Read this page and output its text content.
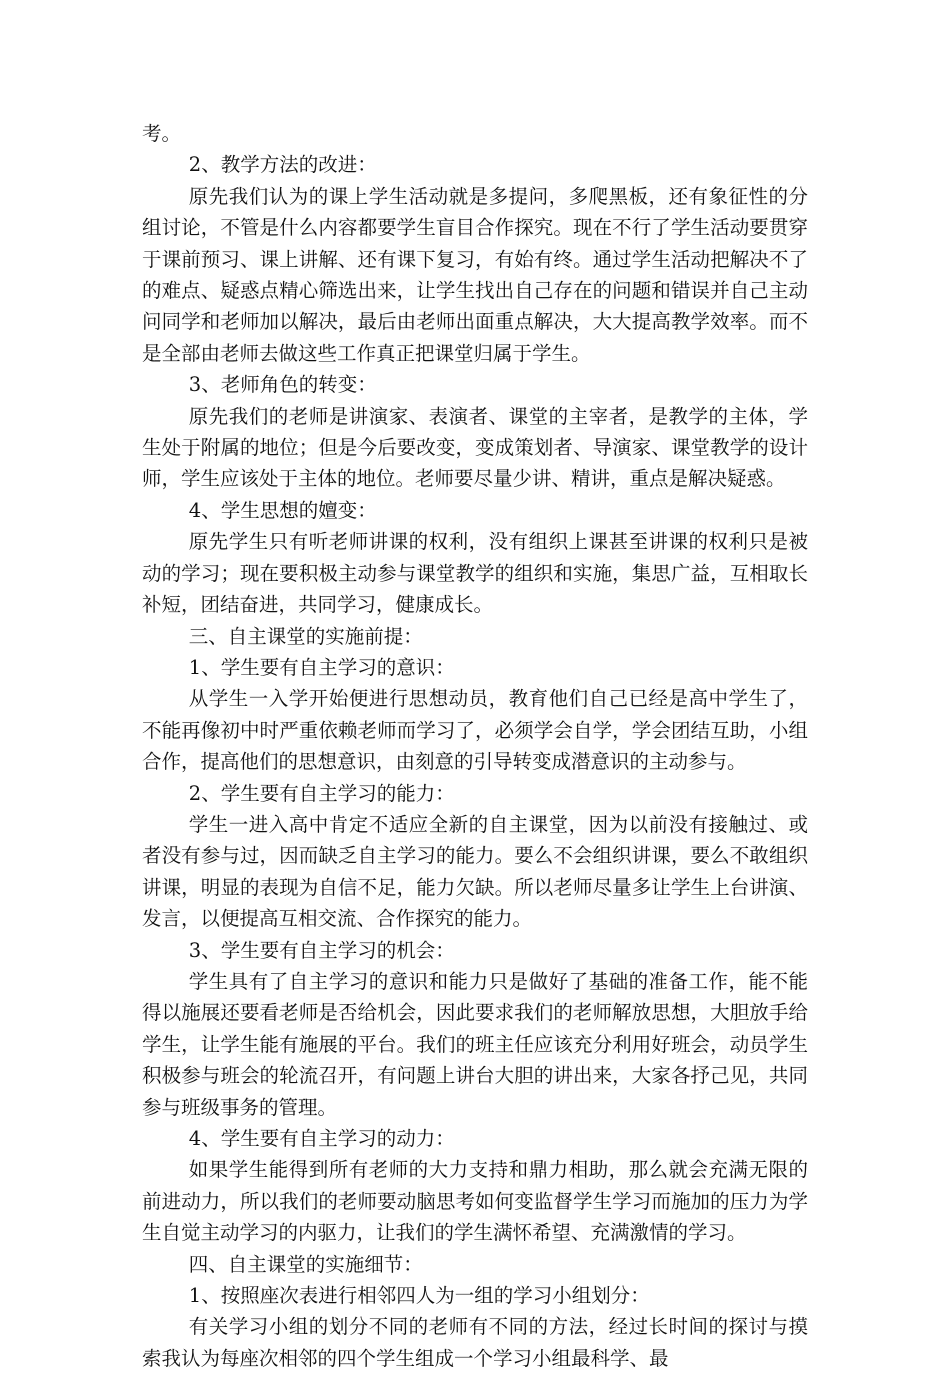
考。

2、教学方法的改进：

原先我们认为的课上学生活动就是多提问，多爬黑板，还有象征性的分组讨论，不管是什么内容都要学生盲目合作探究。现在不行了学生活动要贯穿于课前预习、课上讲解、还有课下复习，有始有终。通过学生活动把解决不了的难点、疑惑点精心筛选出来，让学生找出自己存在的问题和错误并自己主动问同学和老师加以解决，最后由老师出面重点解决，大大提高教学效率。而不是全部由老师去做这些工作真正把课堂归属于学生。

3、老师角色的转变：

原先我们的老师是讲演家、表演者、课堂的主宰者，是教学的主体，学生处于附属的地位；但是今后要改变，变成策划者、导演家、课堂教学的设计师，学生应该处于主体的地位。老师要尽量少讲、精讲，重点是解决疑惑。

4、学生思想的嬗变：

原先学生只有听老师讲课的权利，没有组织上课甚至讲课的权利只是被动的学习；现在要积极主动参与课堂教学的组织和实施，集思广益，互相取长补短，团结奋进，共同学习，健康成长。

三、自主课堂的实施前提：

1、学生要有自主学习的意识：

从学生一入学开始便进行思想动员，教育他们自己已经是高中学生了，不能再像初中时严重依赖老师而学习了，必须学会自学，学会团结互助，小组合作，提高他们的思想意识，由刻意的引导转变成潜意识的主动参与。

2、学生要有自主学习的能力：

学生一进入高中肯定不适应全新的自主课堂，因为以前没有接触过、或者没有参与过，因而缺乏自主学习的能力。要么不会组织讲课，要么不敢组织讲课，明显的表现为自信不足，能力欠缺。所以老师尽量多让学生上台讲演、发言，以便提高互相交流、合作探究的能力。

3、学生要有自主学习的机会：

学生具有了自主学习的意识和能力只是做好了基础的准备工作，能不能得以施展还要看老师是否给机会，因此要求我们的老师解放思想，大胆放手给学生，让学生能有施展的平台。我们的班主任应该充分利用好班会，动员学生积极参与班会的轮流召开，有问题上讲台大胆的讲出来，大家各抒己见，共同参与班级事务的管理。

4、学生要有自主学习的动力：

如果学生能得到所有老师的大力支持和鼎力相助，那么就会充满无限的前进动力，所以我们的老师要动脑思考如何变监督学生学习而施加的压力为学生自觉主动学习的内驱力，让我们的学生满怀希望、充满激情的学习。

四、自主课堂的实施细节：

1、按照座次表进行相邻四人为一组的学习小组划分：

有关学习小组的划分不同的老师有不同的方法，经过长时间的探讨与摸索我认为每座次相邻的四个学生组成一个学习小组最科学、最
